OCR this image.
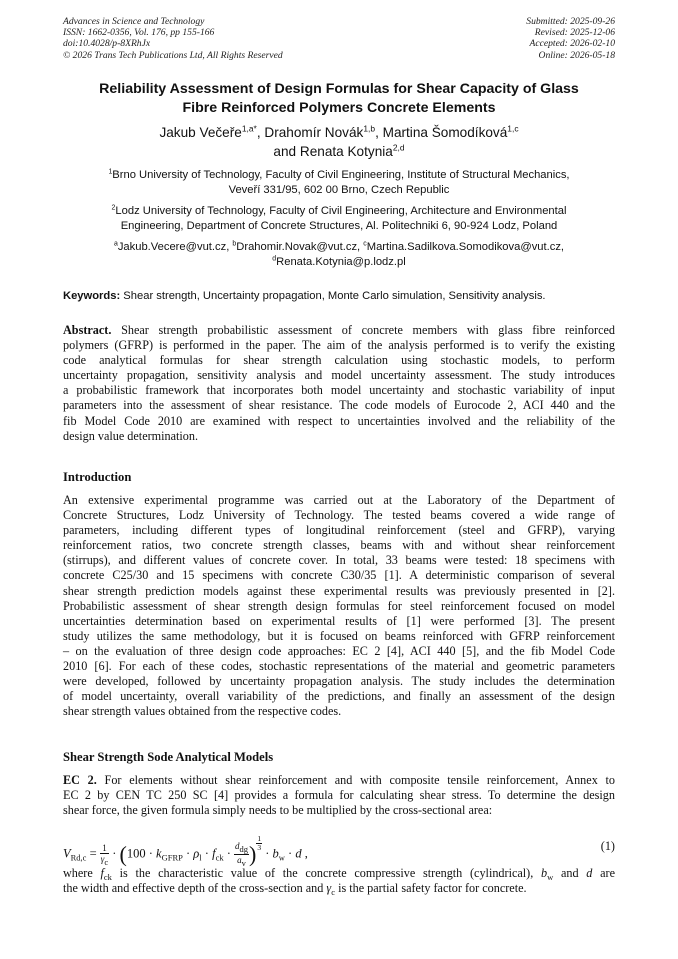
Advances in Science and Technology
ISSN: 1662-0356, Vol. 176, pp 155-166
doi:10.4028/p-8XRhJx
© 2026 Trans Tech Publications Ltd, All Rights Reserved
Submitted: 2025-09-26
Revised: 2025-12-06
Accepted: 2026-02-10
Online: 2026-05-18
Reliability Assessment of Design Formulas for Shear Capacity of Glass
Fibre Reinforced Polymers Concrete Elements
Jakub Večeře$^{1,a*}$, Drahomír Novák$^{1,b}$, Martina Šomodíková$^{1,c}$
and Renata Kotynia$^{2,d}$
$^1$Brno University of Technology, Faculty of Civil Engineering, Institute of Structural Mechanics,
Veveří 331/95, 602 00 Brno, Czech Republic
$^2$Lodz University of Technology, Faculty of Civil Engineering, Architecture and Environmental
Engineering, Department of Concrete Structures, Al. Politechniki 6, 90-924 Lodz, Poland
$^a$Jakub.Vecere@vut.cz, $^b$Drahomir.Novak@vut.cz, $^c$Martina.Sadilkova.Somodikova@vut.cz,
$^d$Renata.Kotynia@p.lodz.pl
Keywords: Shear strength, Uncertainty propagation, Monte Carlo simulation, Sensitivity analysis.
Abstract. Shear strength probabilistic assessment of concrete members with glass fibre reinforced
polymers (GFRP) is performed in the paper. The aim of the analysis performed is to verify the existing
code analytical formulas for shear strength calculation using stochastic models, to perform
uncertainty propagation, sensitivity analysis and model uncertainty assessment. The study introduces
a probabilistic framework that incorporates both model uncertainty and stochastic variability of input
parameters into the assessment of shear resistance. The code models of Eurocode 2, ACI 440 and the
fib Model Code 2010 are examined with respect to uncertainties involved and the reliability of the
design value determination.
Introduction
An extensive experimental programme was carried out at the Laboratory of the Department of
Concrete Structures, Lodz University of Technology. The tested beams covered a wide range of
parameters, including different types of longitudinal reinforcement (steel and GFRP), varying
reinforcement ratios, two concrete strength classes, beams with and without shear reinforcement
(stirrups), and different values of concrete cover. In total, 33 beams were tested: 18 specimens with
concrete C25/30 and 15 specimens with concrete C30/35 [1]. A deterministic comparison of several
shear strength prediction models against these experimental results was previously presented in [2].
Probabilistic assessment of shear strength design formulas for steel reinforcement focused on model
uncertainties determination based on experimental results of [1] were performed [3]. The present
study utilizes the same methodology, but it is focused on beams reinforced with GFRP reinforcement
– on the evaluation of three design code approaches: EC 2 [4], ACI 440 [5], and the fib Model Code
2010 [6]. For each of these codes, stochastic representations of the material and geometric parameters
were developed, followed by uncertainty propagation analysis. The study includes the determination
of model uncertainty, overall variability of the predictions, and finally an assessment of the design
shear strength values obtained from the respective codes.
Shear Strength Sode Analytical Models
EC 2. For elements without shear reinforcement and with composite tensile reinforcement, Annex to
EC 2 by CEN TC 250 SC [4] provides a formula for calculating shear stress. To determine the design
shear force, the given formula simply needs to be multiplied by the cross-sectional area:
$V_{Rd,c} = \frac{1}{\gamma c} \cdot (100 \cdot k_{GFRP} \cdot \rho_l \cdot f_{ck} \cdot \frac{\text{ddg}}{av}$ ) $\frac{1}{3}$
· $b_w \cdot d$ ,
(1)
where $f_{ck}$ is the characteristic value of the concrete compressive strength (cylindrical), $b_w$ and d are
the width and effective depth of the cross-section and $\gamma_c$ is the partial safety factor for concrete.
